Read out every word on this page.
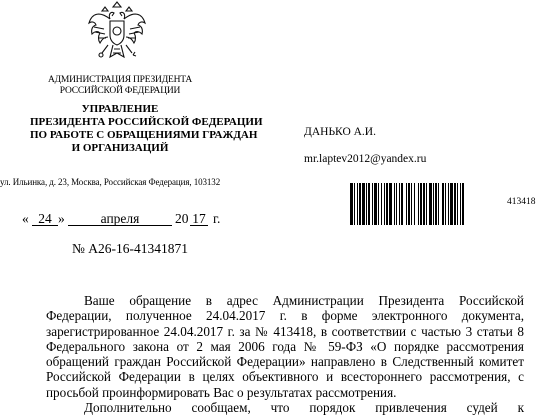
АДМИНИСТРАЦИЯ ПРЕЗИДЕНТА
РОССИЙСКОЙ ФЕДЕРАЦИИ
УПРАВЛЕНИЕ
ПРЕЗИДЕНТА РОССИЙСКОЙ ФЕДЕРАЦИИ
ПО РАБОТЕ С ОБРАЩЕНИЯМИ ГРАЖДАН
И ОРГАНИЗАЦИЙ
ул. Ильинка, д. 23, Москва, Российская Федерация, 103132
ДАНЬКО А.И.
mr.laptev2012@yandex.ru
413418
« 24 »	апреля	20 17 г.
№ А26-16-41341871
Ваше обращение в адрес Администрации Президента Российской
Федерации, полученное 24.04.2017 г. в форме электронного документа,
зарегистрированное 24.04.2017 г. за № 413418, в соответствии с частью 3 статьи 8
Федерального закона от 2 мая 2006 года № 59-ФЗ «О порядке рассмотрения
обращений граждан Российской Федерации» направлено в Следственный комитет
Российской Федерации в целях объективного и всестороннего рассмотрения, с
просьбой проинформировать Вас о результатах рассмотрения.
Дополнительно сообщаем, что порядок привлечения судей к
